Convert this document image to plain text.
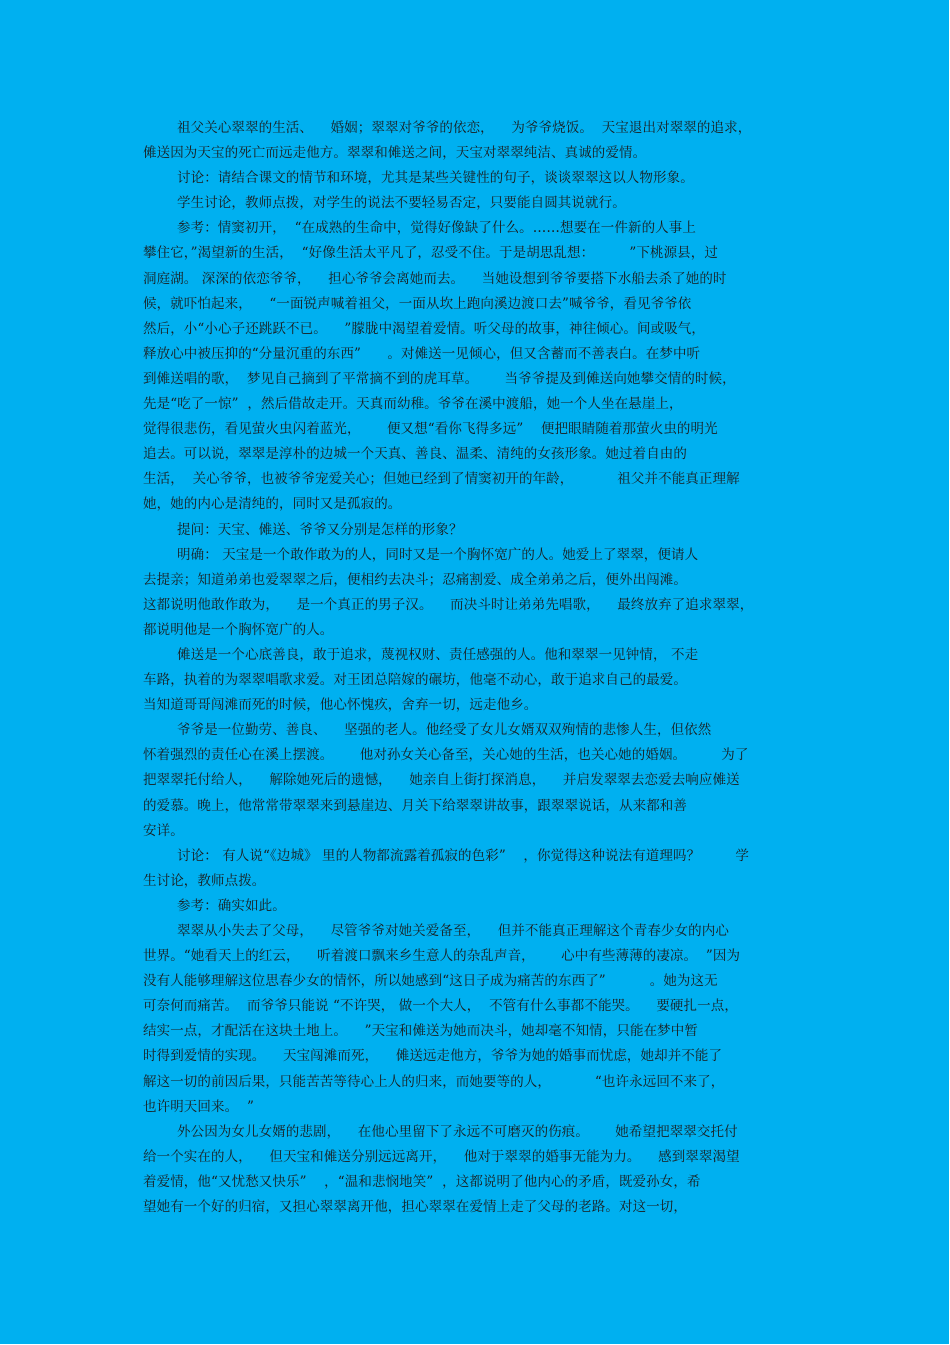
祖父关心翠翠的生活、    婚姻；翠翠对爷爷的依恋，    为爷爷烧饭。  天宝退出对翠翠的追求，
傩送因为天宝的死亡而远走他方。翠翠和傩送之间，天宝对翠翠纯洁、真诚的爱情。
讨论：请结合课文的情节和环境，尤其是某些关键性的句子，谈谈翠翠这以人物形象。
学生讨论，教师点拨，对学生的说法不要轻易否定，只要能自圆其说就行。
参考：情窦初开，  “在成熟的生命中，觉得好像缺了什么。……想要在一件新的人事上
攀住它，”渴望新的生活，  “好像生活太平凡了，忍受不住。于是胡思乱想：        ”下桃源县，过
洞庭湖。 深深的依恋爷爷，    担心爷爷会离她而去。    当她设想到爷爷要搭下水船去杀了她的时
候，就吓怕起来，    “一面锐声喊着祖父，一面从坎上跑向溪边渡口去”喊爷爷，看见爷爷依
然后，小“小心子还跳跃不已。    ”朦胧中渴望着爱情。听父母的故事，神往倾心。间或吸气，
释放心中被压抑的“分量沉重的东西”      。对傩送一见倾心，但又含蓄而不善表白。在梦中听
到傩送唱的歌，  梦见自己摘到了平常摘不到的虎耳草。      当爷爷提及到傩送向她攀交情的时候，
先是“吃了一惊”  ，然后借故走开。天真而幼稚。爷爷在溪中渡船，她一个人坐在悬崖上，
觉得很悲伤，看见萤火虫闪着蓝光，      便又想“看你飞得多远”    便把眼睛随着那萤火虫的明光
追去。可以说，翠翠是淳朴的边城一个天真、善良、温柔、清纯的女孩形象。她过着自由的
生活，  关心爷爷，也被爷爷宠爱关心；但她已经到了情窦初开的年龄，          祖父并不能真正理解
她，她的内心是清纯的，同时又是孤寂的。
提问：天宝、傩送、爷爷又分别是怎样的形象？
明确： 天宝是一个敢作敢为的人，同时又是一个胸怀宽广的人。她爱上了翠翠，便请人
去提亲；知道弟弟也爱翠翠之后，便相约去决斗；忍痛割爱、成全弟弟之后，便外出闯滩。
这都说明他敢作敢为，    是一个真正的男子汉。    而决斗时让弟弟先唱歌，    最终放弃了追求翠翠，
都说明他是一个胸怀宽广的人。
傩送是一个心底善良，敢于追求，蔑视权财、责任感强的人。他和翠翠一见钟情， 不走
车路，执着的为翠翠唱歌求爱。对王团总陪嫁的碾坊，他毫不动心，敢于追求自己的最爱。
当知道哥哥闯滩而死的时候，他心怀愧疚，舍弃一切，远走他乡。
爷爷是一位勤劳、善良、    坚强的老人。他经受了女儿女婿双双殉情的悲惨人生，但依然
怀着强烈的责任心在溪上摆渡。      他对孙女关心备至，关心她的生活，也关心她的婚姻。        为了
把翠翠托付给人，    解除她死后的遗憾，    她亲自上街打探消息，    并启发翠翠去恋爱去响应傩送
的爱慕。晚上，他常常带翠翠来到悬崖边、月关下给翠翠讲故事，跟翠翠说话，从来都和善
安详。
讨论： 有人说“《边城》 里的人物都流露着孤寂的色彩”    ，你觉得这种说法有道理吗？        学
生讨论，教师点拨。
参考：确实如此。
翠翠从小失去了父母，    尽管爷爷对她关爱备至，    但并不能真正理解这个青春少女的内心
世界。“她看天上的红云，    听着渡口飘来乡生意人的杂乱声音，      心中有些薄薄的凄凉。  ”因为
没有人能够理解这位思春少女的情怀，所以她感到“这日子成为痛苦的东西了”          。她为这无
可奈何而痛苦。  而爷爷只能说 “不许哭， 做一个大人，  不管有什么事都不能哭。    要硬扎一点，
结实一点，才配活在这块土地上。    ”天宝和傩送为她而决斗，她却毫不知情，只能在梦中暂
时得到爱情的实现。    天宝闯滩而死，    傩送远走他方，爷爷为她的婚事而忧虑，她却并不能了
解这一切的前因后果，只能苦苦等待心上人的归来，而她要等的人，          “也许永远回不来了，
也许明天回来。  ”
外公因为女儿女婿的悲剧，    在他心里留下了永远不可磨灭的伤痕。      她希望把翠翠交托付
给一个实在的人，    但天宝和傩送分别远远离开，    他对于翠翠的婚事无能为力。    感到翠翠渴望
着爱情，他“又忧愁又快乐”    ，“温和悲悯地笑”  ，这都说明了他内心的矛盾，既爱孙女，希
望她有一个好的归宿，又担心翠翠离开他，担心翠翠在爱情上走了父母的老路。对这一切，
